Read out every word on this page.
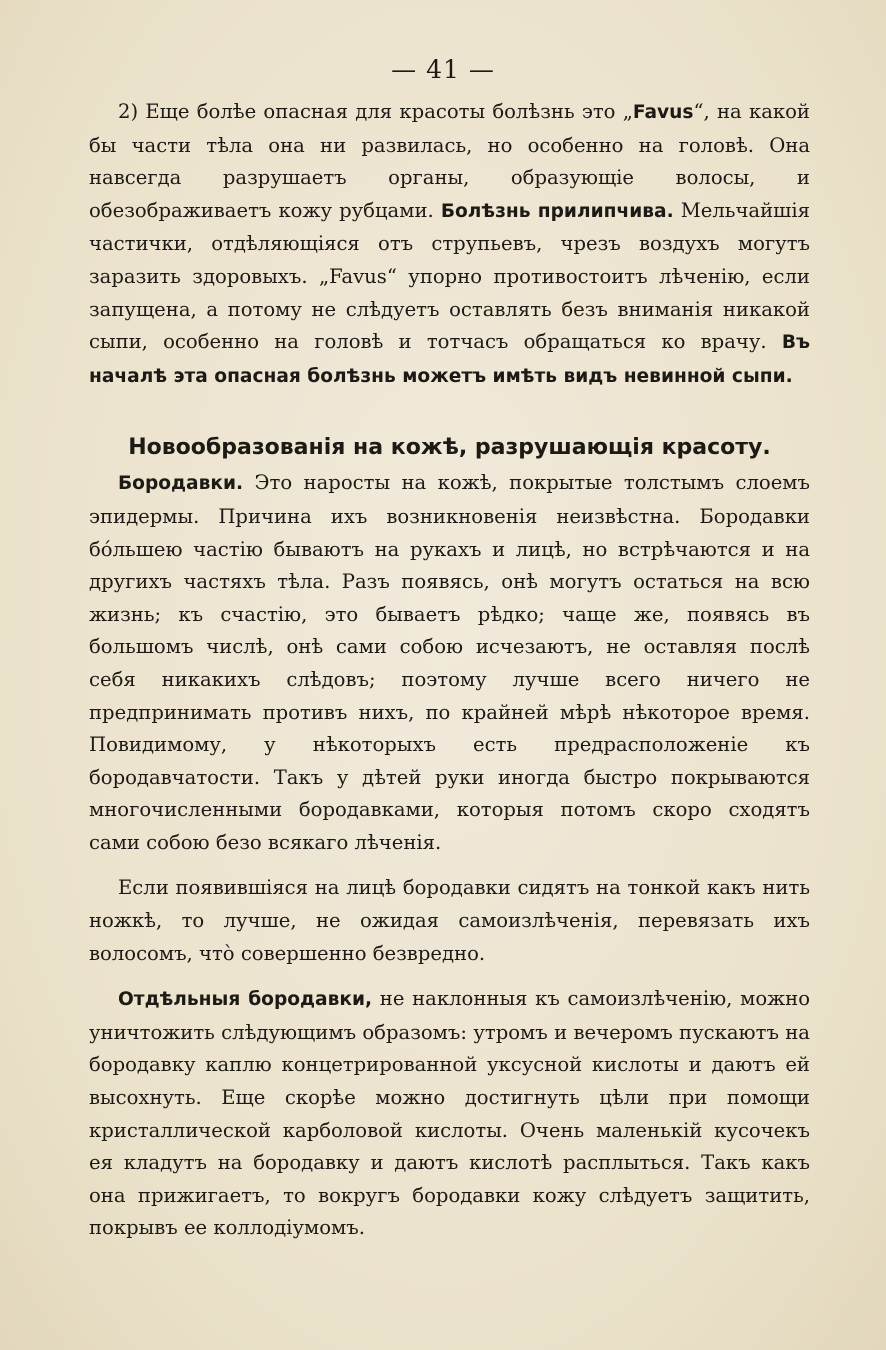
— 41 —

2) Еще болѣе опасная для красоты болѣзнь это „Favus“, на какой бы части тѣла она ни развилась, но особенно на головѣ. Она навсегда разрушаетъ органы, образующіе волосы, и обезображиваетъ кожу рубцами. Болѣзнь прилипчива. Мельчайшія частички, отдѣляющіяся отъ струпьевъ, чрезъ воздухъ могутъ заразить здоровыхъ. „Favus“ упорно противостоитъ лѣченію, если запущена, а потому не слѣдуетъ оставлять безъ вниманія никакой сыпи, особенно на головѣ и тотчасъ обращаться ко врачу. Въ началѣ эта опасная болѣзнь можетъ имѣть видъ невинной сыпи.

Новообразованія на кожѣ, разрушающія красоту.

Бородавки. Это наросты на кожѣ, покрытые толстымъ слоемъ эпидермы. Причина ихъ возникновенія неизвѣстна. Бородавки бóльшею частію бываютъ на рукахъ и лицѣ, но встрѣчаются и на другихъ частяхъ тѣла. Разъ появясь, онѣ могутъ остаться на всю жизнь; къ счастію, это бываетъ рѣдко; чаще же, появясь въ большомъ числѣ, онѣ сами собою исчезаютъ, не оставляя послѣ себя никакихъ слѣдовъ; поэтому лучше всего ничего не предпринимать противъ нихъ, по крайней мѣрѣ нѣкоторое время. Повидимому, у нѣкоторыхъ есть предрасположеніе къ бородавчатости. Такъ у дѣтей руки иногда быстро покрываются многочисленными бородавками, которыя потомъ скоро сходятъ сами собою безо всякаго лѣченія.

Если появившіяся на лицѣ бородавки сидятъ на тонкой какъ нить ножкѣ, то лучше, не ожидая самоизлѣченія, перевязать ихъ волосомъ, чтò совершенно безвредно.

Отдѣльныя бородавки, не наклонныя къ самоизлѣченію, можно уничтожить слѣдующимъ образомъ: утромъ и вечеромъ пускаютъ на бородавку каплю концетрированной уксусной кислоты и даютъ ей высохнуть. Еще скорѣе можно достигнуть цѣли при помощи кристаллической карболовой кислоты. Очень маленькій кусочекъ ея кладутъ на бородавку и даютъ кислотѣ расплыться. Такъ какъ она прижигаетъ, то вокругъ бородавки кожу слѣдуетъ защитить, покрывъ ее коллодіумомъ.
